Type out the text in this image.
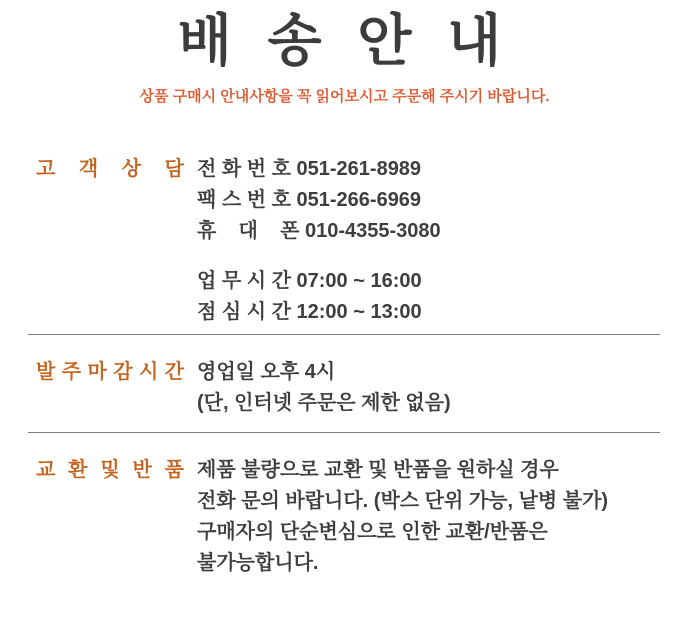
배 송 안 내

상품 구매시 안내사항을 꼭 읽어보시고 주문해 주시기 바랍니다.

고 객 상 담 전 화 번 호 051-261-8989
팩 스 번 호 051-266-6969
휴    대    폰 010-4355-3080
업 무 시 간 07:00 ~ 16:00
점 심 시 간 12:00 ~ 13:00
발 주 마 감 시 간 영업일 오후 4시
(단, 인터넷 주문은 제한 없음)
교 환 및 반 품 제품 불량으로 교환 및 반품을 원하실 경우
전화 문의 바랍니다. (박스 단위 가능, 낱병 불가)
구매자의 단순변심으로 인한 교환/반품은
불가능합니다.
